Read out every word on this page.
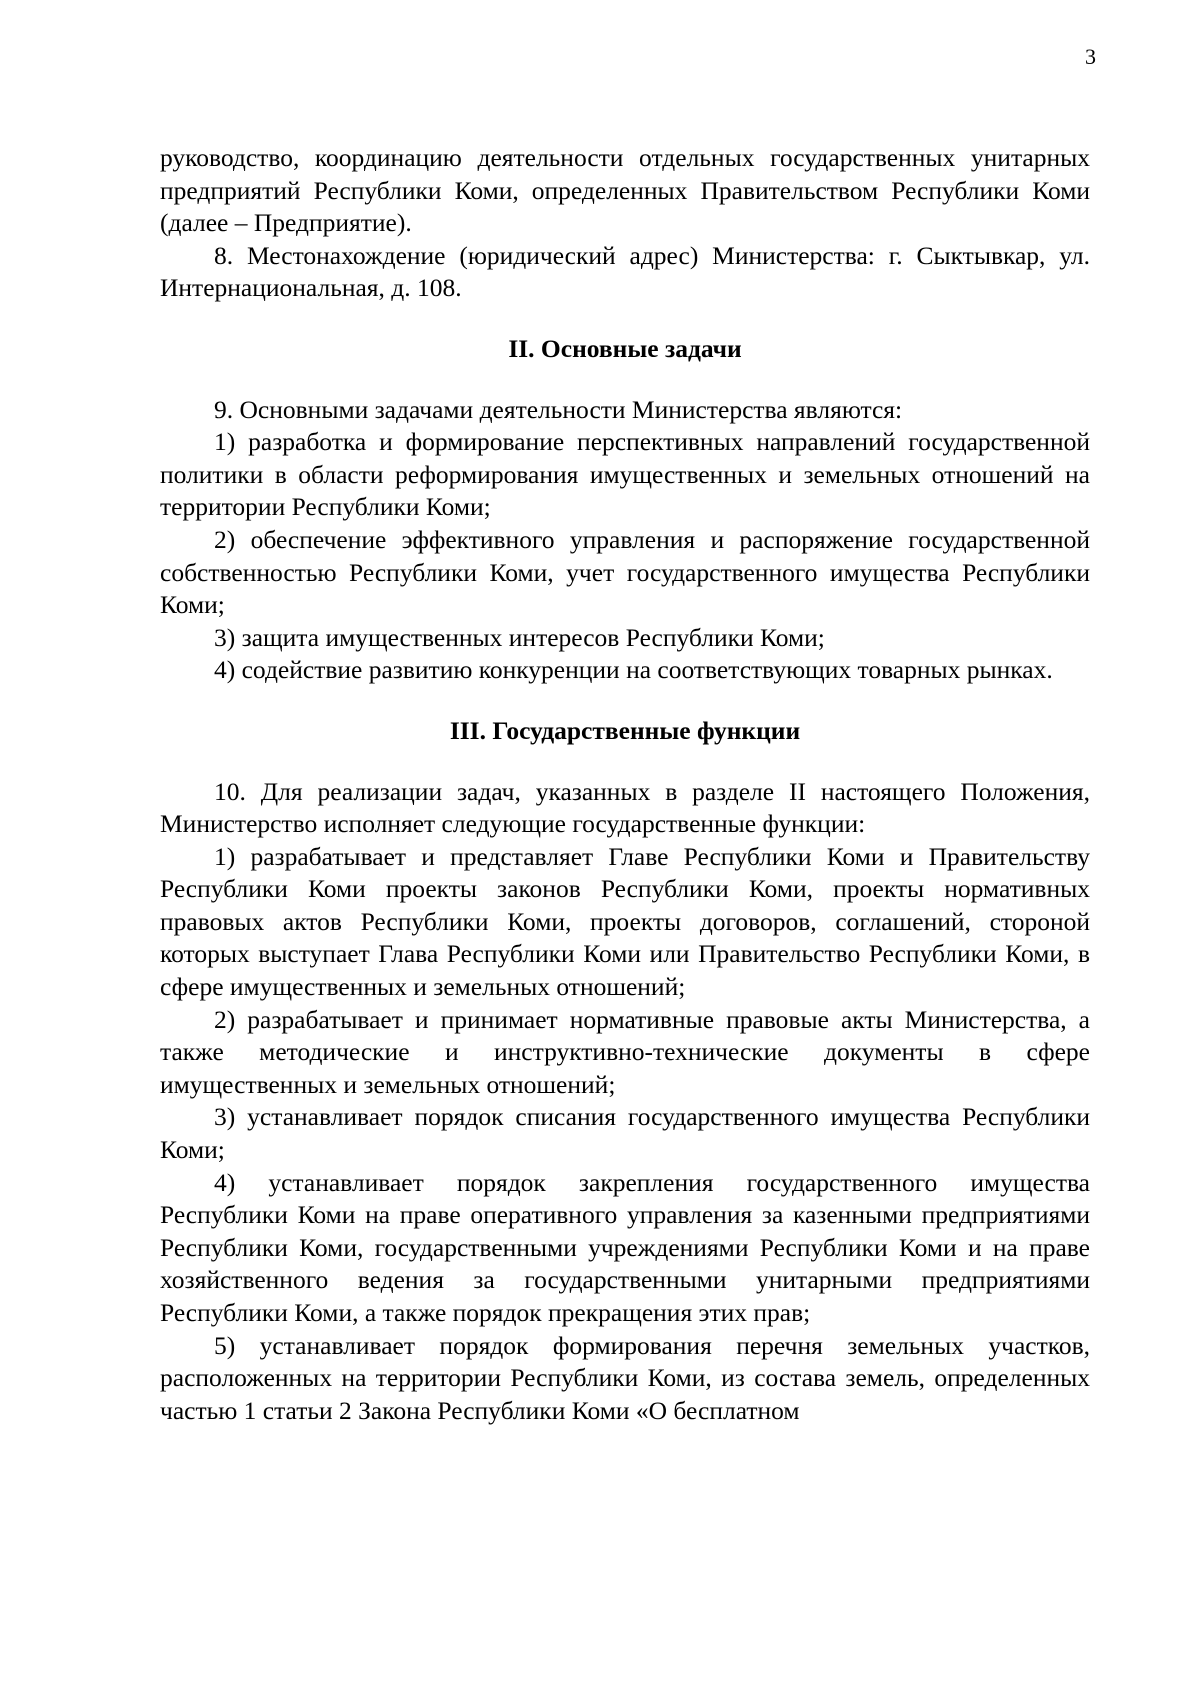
3

руководство, координацию деятельности отдельных государственных унитарных предприятий Республики Коми, определенных Правительством Республики Коми (далее – Предприятие).

8. Местонахождение (юридический адрес) Министерства: г. Сыктывкар, ул. Интернациональная, д. 108.

II. Основные задачи

9. Основными задачами деятельности Министерства являются:

1) разработка и формирование перспективных направлений государственной политики в области реформирования имущественных и земельных отношений на территории Республики Коми;

2) обеспечение эффективного управления и распоряжение государственной собственностью Республики Коми, учет государственного имущества Республики Коми;

3) защита имущественных интересов Республики Коми;

4) содействие развитию конкуренции на соответствующих товарных рынках.

III. Государственные функции

10. Для реализации задач, указанных в разделе II настоящего Положения, Министерство исполняет следующие государственные функции:

1) разрабатывает и представляет Главе Республики Коми и Правительству Республики Коми проекты законов Республики Коми, проекты нормативных правовых актов Республики Коми, проекты договоров, соглашений, стороной которых выступает Глава Республики Коми или Правительство Республики Коми, в сфере имущественных и земельных отношений;

2) разрабатывает и принимает нормативные правовые акты Министерства, а также методические и инструктивно-технические документы в сфере имущественных и земельных отношений;

3) устанавливает порядок списания государственного имущества Республики Коми;

4) устанавливает порядок закрепления государственного имущества Республики Коми на праве оперативного управления за казенными предприятиями Республики Коми, государственными учреждениями Республики Коми и на праве хозяйственного ведения за государственными унитарными предприятиями Республики Коми, а также порядок прекращения этих прав;

5) устанавливает порядок формирования перечня земельных участков, расположенных на территории Республики Коми, из состава земель, определенных частью 1 статьи 2 Закона Республики Коми «О бесплатном
